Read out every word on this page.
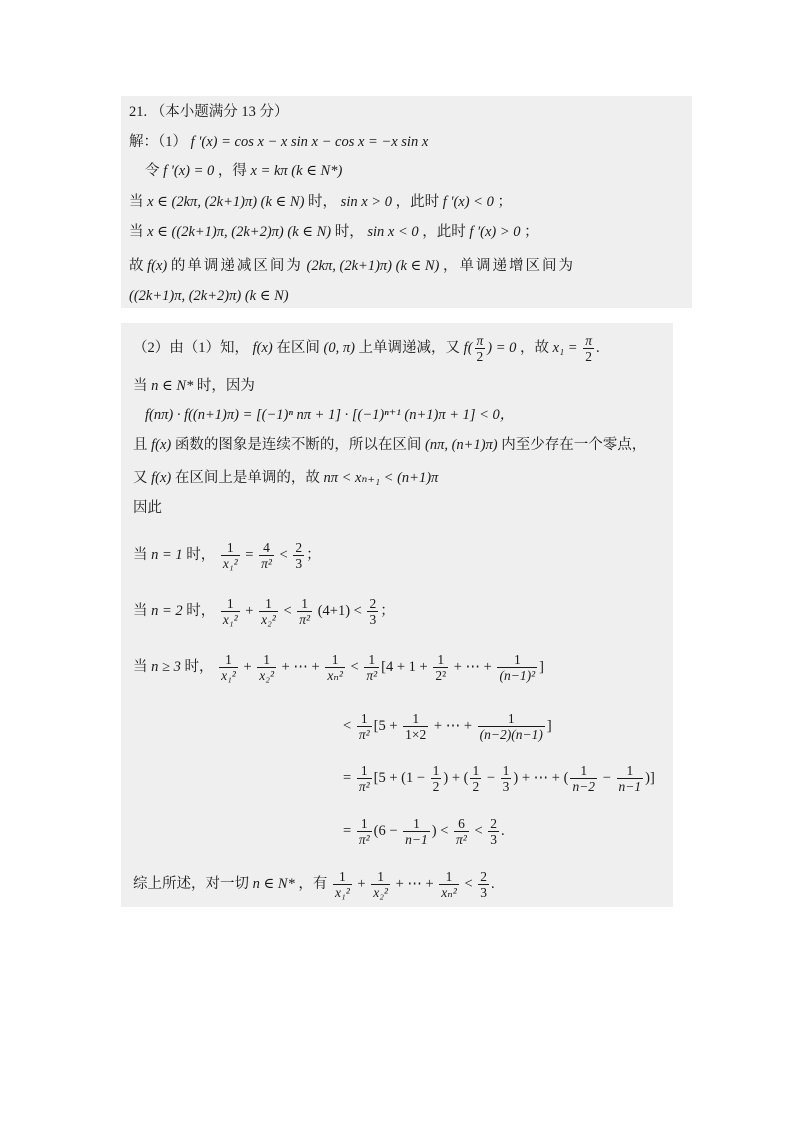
21. （本小题满分 13 分）
解：（1） f '(x) = cos x − x sin x − cos x = −x sin x
令 f '(x) = 0 ，得 x = kπ (k ∈ N*)
当 x ∈ (2kπ, (2k+1)π) (k ∈ N) 时， sin x > 0 ，此时 f '(x) < 0 ；
当 x ∈ ((2k+1)π, (2k+2)π) (k ∈ N) 时， sin x < 0 ，此时 f '(x) > 0 ；
故 f(x) 的单调递减区间为 (2kπ, (2k+1)π) (k ∈ N) ，单调递增区间为
((2k+1)π, (2k+2)π) (k ∈ N)
（2）由（1）知， f(x) 在区间 (0, π) 上单调递减，又 $f( \frac{\pi}{2}$ ) = 0 ，故 $x_1 = \frac{\pi}{2}$ .
当 n ∈ N* 时，因为
f(nπ) · f((n+1)π) = [(−1)ⁿ nπ + 1] · [(−1)ⁿ⁺¹ (n+1)π + 1] < 0，
且 f(x) 函数的图象是连续不断的，所以在区间 (nπ, (n+1)π) 内至少存在一个零点，
又 f(x) 在区间上是单调的，故 nπ < xₙ₊₁ < (n+1)π
因此
当 n = 1 时， $\frac{1}{\text{x₁²}} = \frac{4}{\text{π²}} < \frac{2}{3}$ ；
当 n = 2 时， $\frac{1}{\text{x₁²}} + \frac{1}{\text{x₂²}} < \frac{1}{\text{π²}} (4+1) < \frac{2}{3}$ ；
当 n ≥ 3 时， $\frac{1}{\text{x₁²}} + \frac{1}{\text{x₂²}}$ + ⋯ + $\frac{1}{\text{xₙ²}} < \frac{1}{\text{π²}} [4 + 1 + \frac{1}{\text{2²}}$ + ⋯ + $\frac{1}{\text{(n−1)²}}$ ]
< $\frac{1}{\text{π²}} [5 + \frac{1}{1\times 2}$ + ⋯ + $\frac{1}{(n-2)(n-1)}$ ]
= $\frac{1}{\text{π²}} [5 + (1 - \frac{1}{2}$ ) + ( $\frac{1}{2} - \frac{1}{3}$ ) + ⋯ + ( $\frac{1}{n-2} - \frac{1}{n-1}$ )]
= $\frac{1}{\text{π²}} (6 - \frac{1}{n-1}$ ) < $\frac{6}{\text{π²}} < \frac{2}{3}$ .
综上所述，对一切 n ∈ N* ，有 $\frac{1}{\text{x₁²}} + \frac{1}{\text{x₂²}}$ + ⋯ + $\frac{1}{\text{xₙ²}} < \frac{2}{3}$ .
